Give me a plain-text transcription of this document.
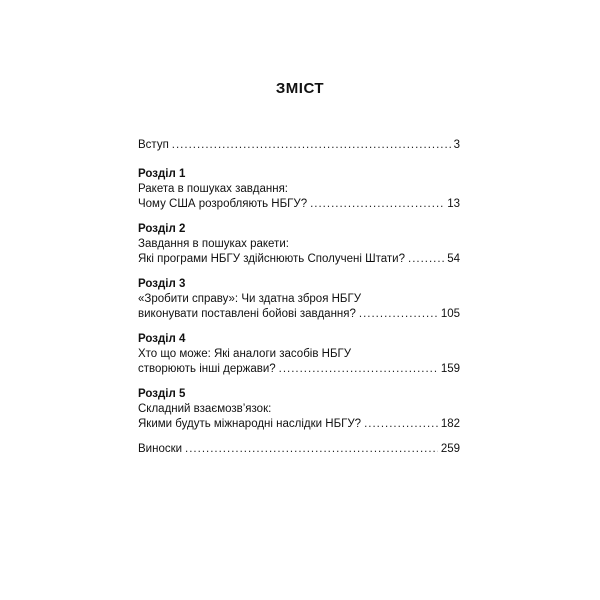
ЗМІСТ
Вступ .....	3
Розділ 1
Ракета в пошуках завдання:
Чому США розробляють НБГУ? .....	13
Розділ 2
Завдання в пошуках ракети:
Які програми НБГУ здійснюють Сполучені Штати? .....	54
Розділ 3
«Зробити справу»: Чи здатна зброя НБГУ
виконувати поставлені бойові завдання? .....	105
Розділ 4
Хто що може: Які аналоги засобів НБГУ
створюють інші держави? .....	159
Розділ 5
Складний взаємозв’язок:
Якими будуть міжнародні наслідки НБГУ? .....	182
Виноски .....	259
